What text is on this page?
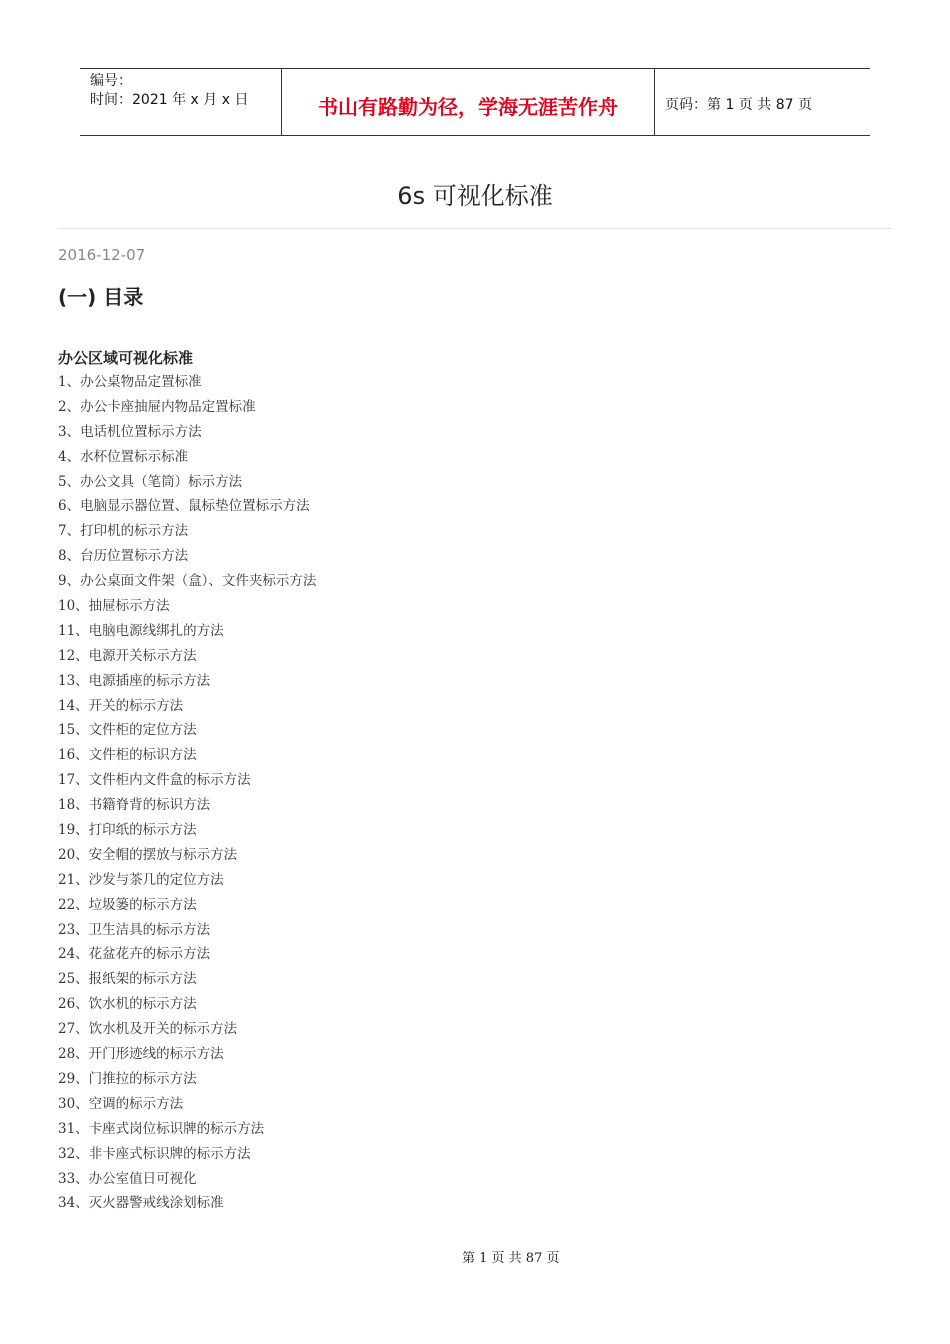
编号：
时间：2021 年 x 月 x 日	书山有路勤为径，学海无涯苦作舟	页码：第 1 页 共 87 页
6s 可视化标准
2016-12-07
(一) 目录
办公区域可视化标准
1、办公桌物品定置标准
2、办公卡座抽屉内物品定置标准
3、电话机位置标示方法
4、水杯位置标示标准
5、办公文具（笔筒）标示方法
6、电脑显示器位置、鼠标垫位置标示方法
7、打印机的标示方法
8、台历位置标示方法
9、办公桌面文件架（盒）、文件夹标示方法
10、抽屉标示方法
11、电脑电源线绑扎的方法
12、电源开关标示方法
13、电源插座的标示方法
14、开关的标示方法
15、文件柜的定位方法
16、文件柜的标识方法
17、文件柜内文件盒的标示方法
18、书籍脊背的标识方法
19、打印纸的标示方法
20、安全帽的摆放与标示方法
21、沙发与茶几的定位方法
22、垃圾篓的标示方法
23、卫生洁具的标示方法
24、花盆花卉的标示方法
25、报纸架的标示方法
26、饮水机的标示方法
27、饮水机及开关的标示方法
28、开门形迹线的标示方法
29、门推拉的标示方法
30、空调的标示方法
31、卡座式岗位标识牌的标示方法
32、非卡座式标识牌的标示方法
33、办公室值日可视化
34、灭火器警戒线涂划标准
第 1 页 共 87 页
